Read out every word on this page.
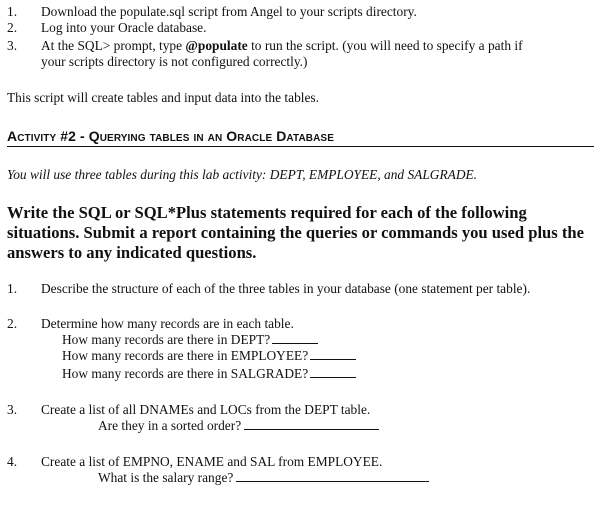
1. Download the populate.sql script from Angel to your scripts directory.
2. Log into your Oracle database.
3. At the SQL> prompt, type @populate to run the script. (you will need to specify a path if
your scripts directory is not configured correctly.)
This script will create tables and input data into the tables.
Activity #2 - Querying tables in an Oracle Database
You will use three tables during this lab activity: DEPT, EMPLOYEE, and SALGRADE.
Write the SQL or SQL*Plus statements required for each of the following situations. Submit a report containing the queries or commands you used plus the answers to any indicated questions.
1. Describe the structure of each of the three tables in your database (one statement per table).
2. Determine how many records are in each table.
How many records are there in DEPT?
How many records are there in EMPLOYEE?
How many records are there in SALGRADE?
3. Create a list of all DNAMEs and LOCs from the DEPT table.
Are they in a sorted order?
4. Create a list of EMPNO, ENAME and SAL from EMPLOYEE.
What is the salary range?
